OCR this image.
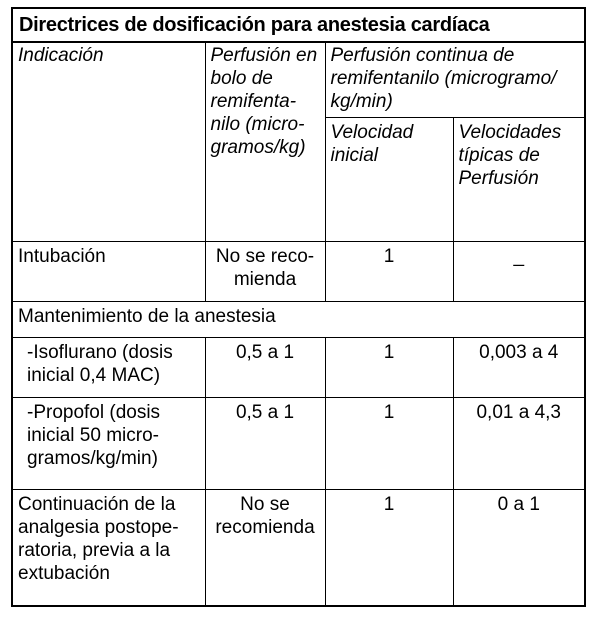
Directrices de dosificación para anestesia cardíaca
Indicación	Perfusión en bolo de remifenta-nilo (micro-gramos/kg)	Perfusión continua de remifentanilo (microgramo/ kg/min)	
		Velocidad inicial	Velocidades típicas de Perfusión
Intubación	No se reco-mienda	1	_
Mantenimiento de la anestesia			
-Isoflurano (dosis inicial 0,4 MAC)	0,5 a 1	1	0,003 a 4
-Propofol (dosis inicial 50 micro-gramos/kg/min)	0,5 a 1	1	0,01 a 4,3
Continuación de la analgesia postope-ratoria, previa a la extubación	No se recomienda	1	0 a 1
